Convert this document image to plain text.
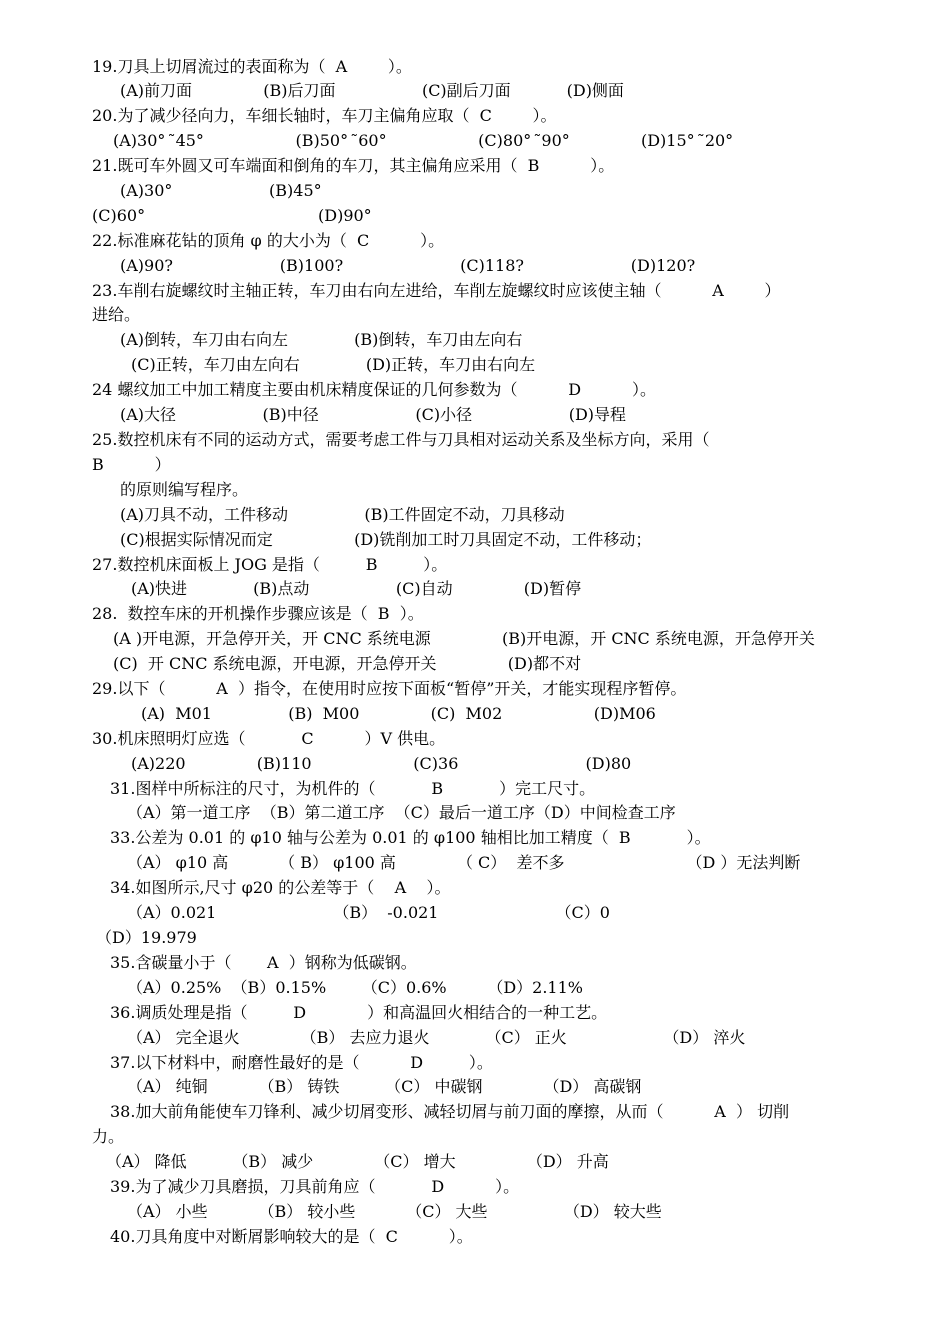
19.刀具上切屑流过的表面称为（  A        ）。
(A)前刀面              (B)后刀面                 (C)副后刀面           (D)侧面
20.为了减少径向力，车细长轴时，车刀主偏角应取（  C        ）。
(A)30°  ̃45°                  (B)50°  ̃60°                  (C)80°  ̃90°              (D)15°  ̃20°
21.既可车外圆又可车端面和倒角的车刀，其主偏角应采用（  B          ）。
(A)30°                   (B)45°
(C)60°                                  (D)90°
22.标准麻花钻的顶角 φ 的大小为（  C          ）。
(A)90?                     (B)100?                       (C)118?                     (D)120?
23.车削右旋螺纹时主轴正转，车刀由右向左进给，车削左旋螺纹时应该使主轴（          A        ）
进给。
(A)倒转，车刀由右向左             (B)倒转，车刀由左向右
(C)正转，车刀由左向右             (D)正转，车刀由右向左
24 螺纹加工中加工精度主要由机床精度保证的几何参数为（          D          ）。
(A)大径                 (B)中径                   (C)小径                   (D)导程
25.数控机床有不同的运动方式，需要考虑工件与刀具相对运动关系及坐标方向，采用（
B          ）
的原则编写程序。
(A)刀具不动，工件移动               (B)工件固定不动，刀具移动
(C)根据实际情况而定                (D)铣削加工时刀具固定不动，工件移动；
27.数控机床面板上 JOG 是指（         B         ）。
(A)快进             (B)点动                 (C)自动              (D)暂停
28.  数控车床的开机操作步骤应该是（  B  ）。
(A )开电源，开急停开关，开 CNC 系统电源              (B)开电源，开 CNC 系统电源，开急停开关
(C)  开 CNC 系统电源，开电源，开急停开关              (D)都不对
29.以下（          A  ）指令，在使用时应按下面板“暂停”开关，才能实现程序暂停。
(A)  M01               (B)  M00              (C)  M02                  (D)M06
30.机床照明灯应选（           C          ）V 供电。
(A)220              (B)110                    (C)36                         (D)80
31.图样中所标注的尺寸，为机件的（           B           ）完工尺寸。
（A）第一道工序  （B）第二道工序  （C）最后一道工序（D）中间检查工序
33.公差为 0.01 的 φ10 轴与公差为 0.01 的 φ100 轴相比加工精度（  B           ）。
（A） φ10 高          （ B） φ100 高            （ C）  差不多                        （D ）无法判断
34.如图所示,尺寸 φ20 的公差等于（    A    ）。
（A）0.021                       （B）  -0.021                       （C）0
（D）19.979
35.含碳量小于（       A  ）钢称为低碳钢。
（A）0.25%  （B）0.15%       （C）0.6%        （D）2.11%
36.调质处理是指（         D            ）和高温回火相结合的一种工艺。
（A） 完全退火            （B） 去应力退火           （C） 正火                   （D） 淬火
37.以下材料中，耐磨性最好的是（          D         ）。
（A） 纯铜          （B） 铸铁         （C） 中碳钢            （D） 高碳钢
38.加大前角能使车刀锋利、减少切屑变形、减轻切屑与前刀面的摩擦，从而（          A  ） 切削
力。
（A） 降低         （B） 减少            （C） 增大              （D） 升高
39.为了减少刀具磨损，刀具前角应（           D          ）。
（A） 小些          （B） 较小些          （C） 大些               （D） 较大些
40.刀具角度中对断屑影响较大的是（  C          ）。
